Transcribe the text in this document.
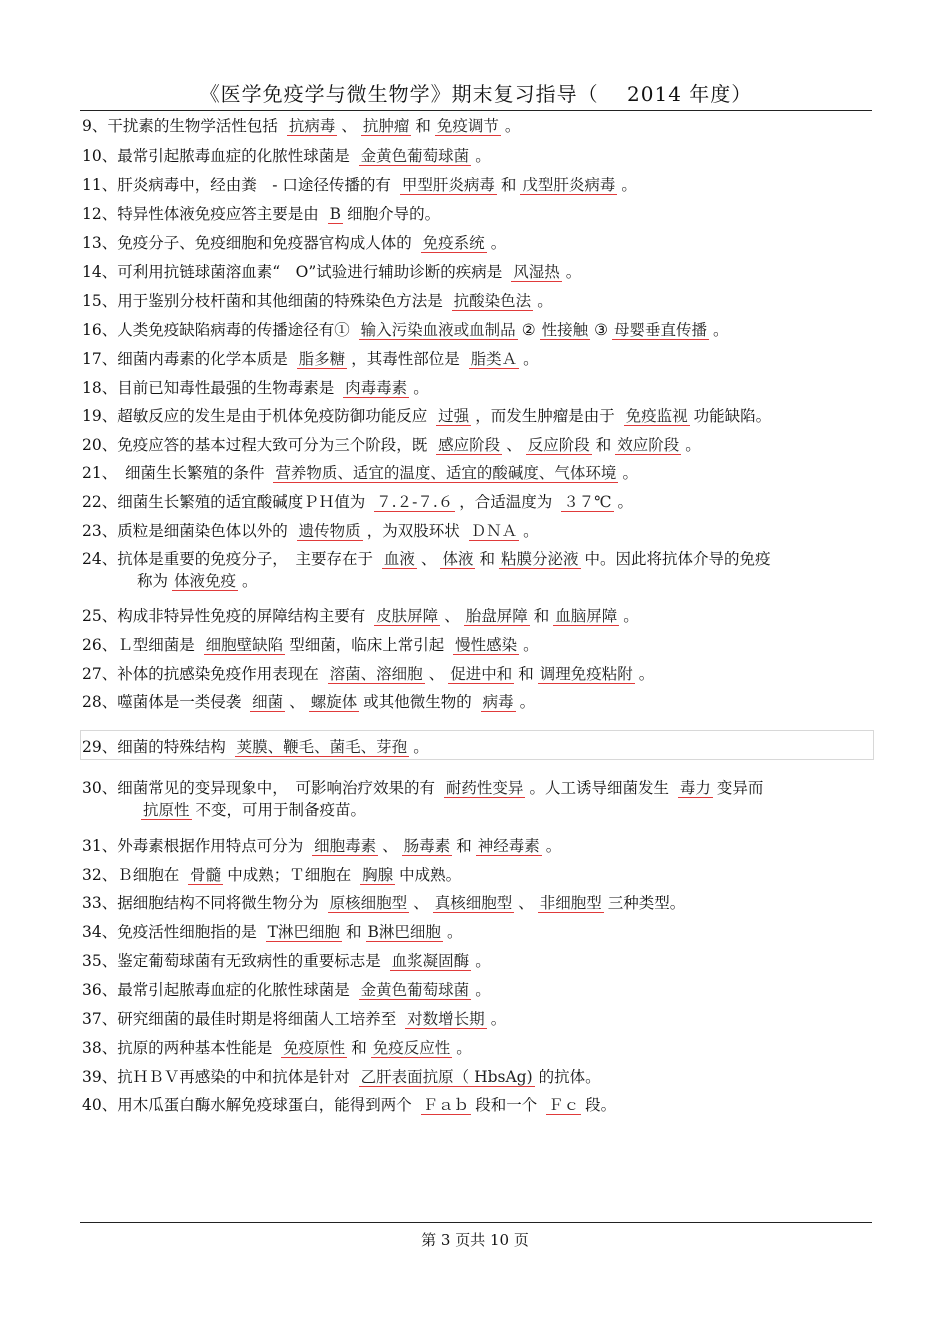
《医学免疫学与微生物学》期末复习指导（　 2014 年度）
9、干扰素的生物学活性包括 抗病毒 、 抗肿瘤 和 免疫调节 。
10、最常引起脓毒血症的化脓性球菌是 金黄色葡萄球菌 。
11、肝炎病毒中，经由粪　- 口途径传播的有 甲型肝炎病毒 和 戊型肝炎病毒 。
12、特异性体液免疫应答主要是由 B 细胞介导的。
13、免疫分子、免疫细胞和免疫器官构成人体的 免疫系统 。
14、可利用抗链球菌溶血素“　O”试验进行辅助诊断的疾病是 风湿热 。
15、用于鉴别分枝杆菌和其他细菌的特殊染色方法是 抗酸染色法 。
16、人类免疫缺陷病毒的传播途径有① 输入污染血液或血制品 ② 性接触 ③ 母婴垂直传播 。
17、细菌内毒素的化学本质是 脂多糖 ，其毒性部位是 脂类Ａ 。
18、目前已知毒性最强的生物毒素是 肉毒毒素 。
19、超敏反应的发生是由于机体免疫防御功能反应 过强 ，而发生肿瘤是由于 免疫监视 功能缺陷。
20、免疫应答的基本过程大致可分为三个阶段，既 感应阶段 、 反应阶段 和 效应阶段 。
21、　细菌生长繁殖的条件 营养物质、适宜的温度、适宜的酸碱度、气体环境 。
22、细菌生长繁殖的适宜酸碱度ＰＨ值为 ７.２-７.６ ，合适温度为 ３７℃ 。
23、质粒是细菌染色体以外的 遗传物质 ，为双股环状 ＤＮＡ 。
24、抗体是重要的免疫分子，　主要存在于 血液 、 体液 和 粘膜分泌液 中。因此将抗体介导的免疫
称为 体液免疫 。
25、构成非特异性免疫的屏障结构主要有 皮肤屏障 、 胎盘屏障 和 血脑屏障 。
26、Ｌ型细菌是 细胞壁缺陷 型细菌，临床上常引起 慢性感染 。
27、补体的抗感染免疫作用表现在 溶菌、溶细胞 、 促进中和 和 调理免疫粘附 。
28、噬菌体是一类侵袭 细菌 、 螺旋体 或其他微生物的 病毒 。
29、细菌的特殊结构 荚膜、鞭毛、菌毛、芽孢 。
30、细菌常见的变异现象中，　可影响治疗效果的有 耐药性变异 。人工诱导细菌发生 毒力 变异而
抗原性 不变，可用于制备疫苗。
31、外毒素根据作用特点可分为 细胞毒素 、 肠毒素 和 神经毒素 。
32、Ｂ细胞在 骨髓 中成熟；Ｔ细胞在 胸腺 中成熟。
33、据细胞结构不同将微生物分为 原核细胞型 、 真核细胞型 、 非细胞型 三种类型。
34、免疫活性细胞指的是 T淋巴细胞 和 B淋巴细胞 。
35、鉴定葡萄球菌有无致病性的重要标志是 血浆凝固酶 。
36、最常引起脓毒血症的化脓性球菌是 金黄色葡萄球菌 。
37、研究细菌的最佳时期是将细菌人工培养至 对数增长期 。
38、抗原的两种基本性能是 免疫原性 和 免疫反应性 。
39、抗ＨＢＶ再感染的中和抗体是针对 乙肝表面抗原（ HbsAg) 的抗体。
40、用木瓜蛋白酶水解免疫球蛋白，能得到两个 Ｆａｂ 段和一个 Ｆｃ 段。
第 3 页共 10 页
